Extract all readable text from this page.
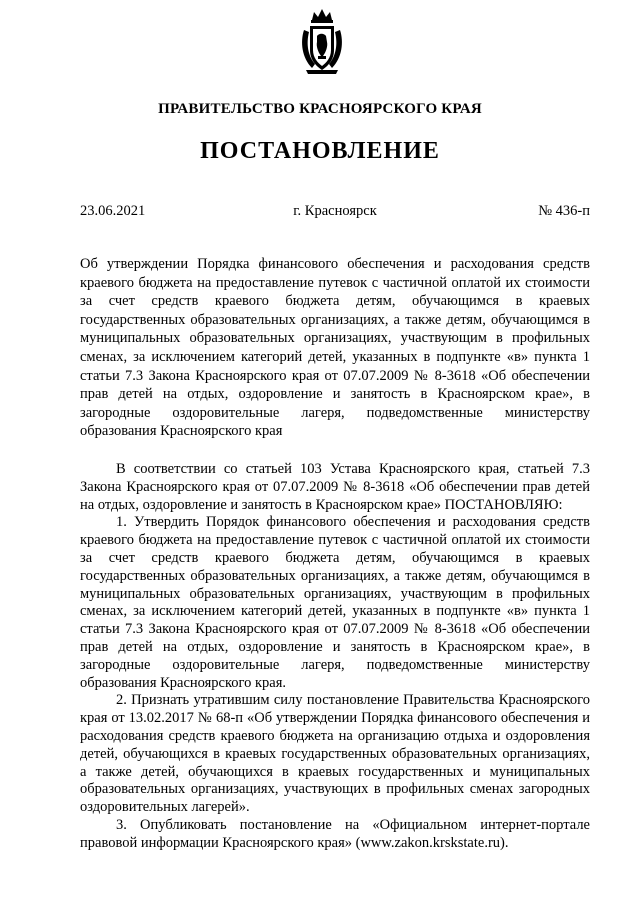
ПРАВИТЕЛЬСТВО КРАСНОЯРСКОГО КРАЯ
ПОСТАНОВЛЕНИЕ
23.06.2021	г. Красноярск	№ 436-п
Об утверждении Порядка финансового обеспечения и расходования средств краевого бюджета на предоставление путевок с частичной оплатой их стоимости за счет средств краевого бюджета детям, обучающимся в краевых государственных образовательных организациях, а также детям, обучающимся в муниципальных образовательных организациях, участвующим в профильных сменах, за исключением категорий детей, указанных в подпункте «в» пункта 1 статьи 7.3 Закона Красноярского края от 07.07.2009 № 8-3618 «Об обеспечении прав детей на отдых, оздоровление и занятость в Красноярском крае», в загородные оздоровительные лагеря, подведомственные министерству образования Красноярского края

В соответствии со статьей 103 Устава Красноярского края, статьей 7.3 Закона Красноярского края от 07.07.2009 № 8-3618 «Об обеспечении прав детей на отдых, оздоровление и занятость в Красноярском крае» ПОСТАНОВЛЯЮ:

1. Утвердить Порядок финансового обеспечения и расходования средств краевого бюджета на предоставление путевок с частичной оплатой их стоимости за счет средств краевого бюджета детям, обучающимся в краевых государственных образовательных организациях, а также детям, обучающимся в муниципальных образовательных организациях, участвующим в профильных сменах, за исключением категорий детей, указанных в подпункте «в» пункта 1 статьи 7.3 Закона Красноярского края от 07.07.2009 № 8-3618 «Об обеспечении прав детей на отдых, оздоровление и занятость в Красноярском крае», в загородные оздоровительные лагеря, подведомственные министерству образования Красноярского края.

2. Признать утратившим силу постановление Правительства Красноярского края от 13.02.2017 № 68-п «Об утверждении Порядка финансового обеспечения и расходования средств краевого бюджета на организацию отдыха и оздоровления детей, обучающихся в краевых государственных образовательных организациях, а также детей, обучающихся в краевых государственных и муниципальных образовательных организациях, участвующих в профильных сменах загородных оздоровительных лагерей».

3. Опубликовать постановление на «Официальном интернет-портале правовой информации Красноярского края» (www.zakon.krskstate.ru).
